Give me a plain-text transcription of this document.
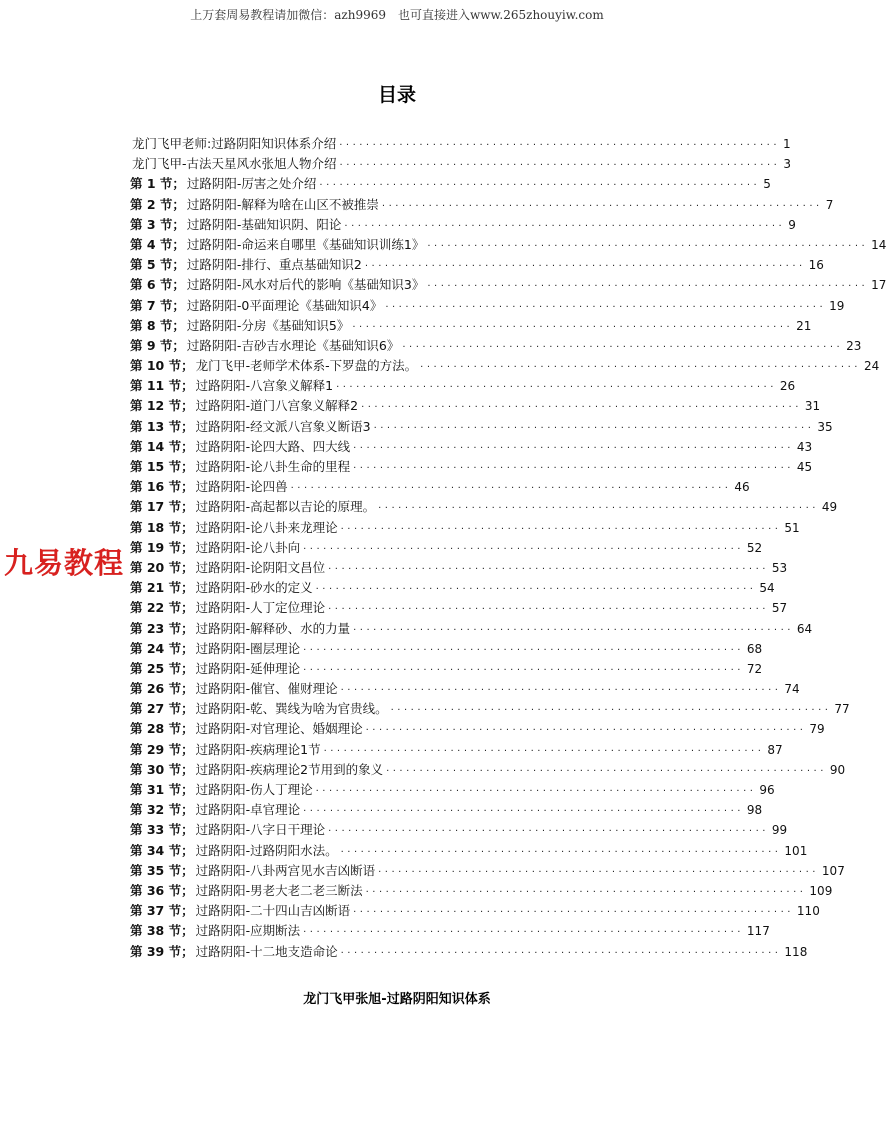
上万套周易教程请加微信：azh9969　也可直接进入www.265zhouyiw.com
目录
龙门飞甲老师:过路阴阳知识体系介绍 ·································································· 1
龙门飞甲-古法天星风水张旭人物介绍 ·································································· 3
第 1 节； 过路阴阳-厉害之处介绍 ·································································· 5
第 2 节； 过路阴阳-解释为啥在山区不被推崇 ·································································· 7
第 3 节； 过路阴阳-基础知识阴、阳论 ·································································· 9
第 4 节； 过路阴阳-命运来自哪里《基础知识训练1》 ·································································· 14
第 5 节； 过路阴阳-排行、重点基础知识2 ·································································· 16
第 6 节； 过路阴阳-风水对后代的影响《基础知识3》 ·································································· 17
第 7 节； 过路阴阳-0平面理论《基础知识4》 ·································································· 19
第 8 节； 过路阴阳-分房《基础知识5》 ·································································· 21
第 9 节； 过路阴阳-吉砂吉水理论《基础知识6》 ·································································· 23
第 10 节； 龙门飞甲-老师学术体系-下罗盘的方法。 ·································································· 24
第 11 节； 过路阴阳-八宫象义解释1 ·································································· 26
第 12 节； 过路阴阳-道门八宫象义解释2 ·································································· 31
第 13 节； 过路阴阳-经文派八宫象义断语3 ·································································· 35
第 14 节； 过路阴阳-论四大路、四大线 ·································································· 43
第 15 节； 过路阴阳-论八卦生命的里程 ·································································· 45
第 16 节； 过路阴阳-论四兽 ·································································· 46
第 17 节； 过路阴阳-高起都以吉论的原理。 ·································································· 49
第 18 节； 过路阴阳-论八卦来龙理论 ·································································· 51
第 19 节； 过路阴阳-论八卦向 ·································································· 52
第 20 节； 过路阴阳-论阴阳文昌位 ·································································· 53
第 21 节； 过路阴阳-砂水的定义 ·································································· 54
第 22 节； 过路阴阳-人丁定位理论 ·································································· 57
第 23 节； 过路阴阳-解释砂、水的力量 ·································································· 64
第 24 节； 过路阴阳-圈层理论 ·································································· 68
第 25 节； 过路阴阳-延伸理论 ·································································· 72
第 26 节； 过路阴阳-催官、催财理论 ·································································· 74
第 27 节； 过路阴阳-乾、巽线为啥为官贵线。 ·································································· 77
第 28 节； 过路阴阳-对官理论、婚姻理论 ·································································· 79
第 29 节； 过路阴阳-疾病理论1节 ·································································· 87
第 30 节； 过路阴阳-疾病理论2节用到的象义 ·································································· 90
第 31 节； 过路阴阳-伤人丁理论 ·································································· 96
第 32 节； 过路阴阳-卓官理论 ·································································· 98
第 33 节； 过路阴阳-八字日干理论 ·································································· 99
第 34 节； 过路阴阳-过路阴阳水法。 ·································································· 101
第 35 节； 过路阴阳-八卦两宫见水吉凶断语 ·································································· 107
第 36 节； 过路阴阳-男老大老二老三断法 ·································································· 109
第 37 节； 过路阴阳-二十四山吉凶断语 ·································································· 110
第 38 节； 过路阴阳-应期断法 ·································································· 117
第 39 节； 过路阴阳-十二地支造命论 ·································································· 118
九易教程
龙门飞甲张旭-过路阴阳知识体系
